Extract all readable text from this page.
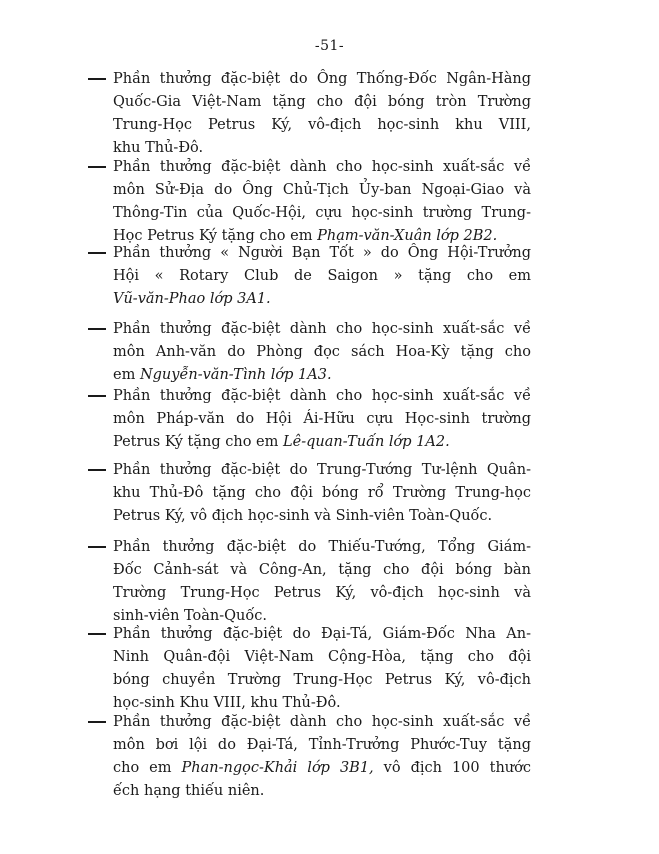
-51-
Phần thưởng đặc-biệt do Ông Thống-Đốc Ngân-Hàng
Quốc-Gia Việt-Nam tặng cho đội bóng tròn Trường
Trung-Học Petrus Ký, vô-địch học-sinh khu VIII,
khu Thủ-Đô.
Phần thưởng đặc-biệt dành cho học-sinh xuất-sắc về
môn Sử-Địa do Ông Chủ-Tịch Ủy-ban Ngoại-Giao và
Thông-Tin của Quốc-Hội, cựu học-sinh trường Trung-
Học Petrus Ký tặng cho em Phạm-văn-Xuân lớp 2B2.
Phần thưởng « Người Bạn Tốt » do Ông Hội-Trưởng
Hội « Rotary Club de Saigon » tặng cho em
Vũ-văn-Phao lớp 3A1.
Phần thưởng đặc-biệt dành cho học-sinh xuất-sắc về
môn Anh-văn do Phòng đọc sách Hoa-Kỳ tặng cho
em Nguyễn-văn-Tình lớp 1A3.
Phần thưởng đặc-biệt dành cho học-sinh xuất-sắc về
môn Pháp-văn do Hội Ái-Hữu cựu Học-sinh trường
Petrus Ký tặng cho em Lê-quan-Tuấn lớp 1A2.
Phần thưởng đặc-biệt do Trung-Tướng Tư-lệnh Quân-
khu Thủ-Đô tặng cho đội bóng rổ Trường Trung-học
Petrus Ký, vô địch học-sinh và Sinh-viên Toàn-Quốc.
Phần thưởng đặc-biệt do Thiếu-Tướng, Tổng Giám-
Đốc Cảnh-sát và Công-An, tặng cho đội bóng bàn
Trường Trung-Học Petrus Ký, vô-địch học-sinh và
sinh-viên Toàn-Quốc.
Phần thưởng đặc-biệt do Đại-Tá, Giám-Đốc Nha An-
Ninh Quân-đội Việt-Nam Cộng-Hòa, tặng cho đội
bóng chuyền Trường Trung-Học Petrus Ký, vô-địch
học-sinh Khu VIII, khu Thủ-Đô.
Phần thưởng đặc-biệt dành cho học-sinh xuất-sắc về
môn bơi lội do Đại-Tá, Tỉnh-Trưởng Phước-Tuy tặng
cho em Phan-ngọc-Khải lớp 3B1, vô địch 100 thước
ếch hạng thiếu niên.
